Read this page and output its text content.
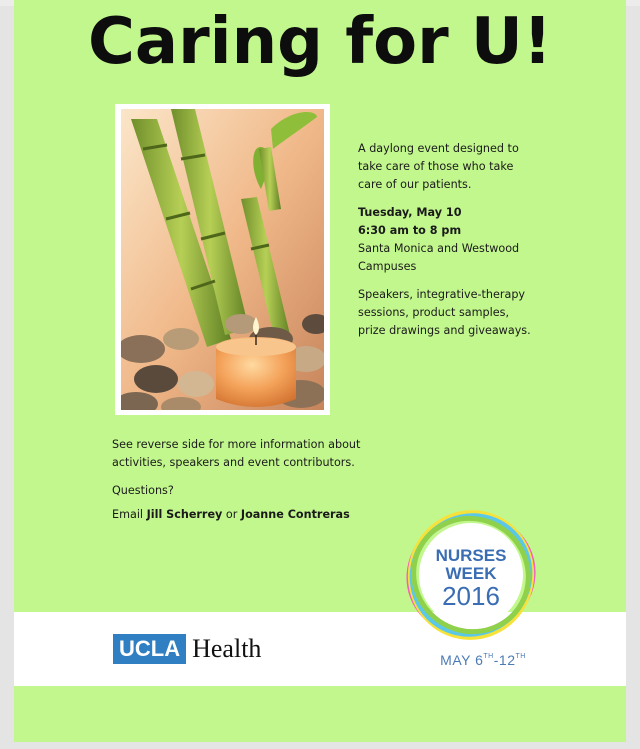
Caring for U!

A daylong event designed to

take care of those who take

care of our patients.

Tuesday, May 10

6:30 am to 8 pm

Santa Monica and Westwood

Campuses

Speakers, integrative-therapy

sessions, product samples,

prize drawings and giveaways.

See reverse side for more information about

activities, speakers and event contributors.

Questions?

Email Jill Scherrey or Joanne Contreras

UCLA Health
NURSES
WEEK
2016
MAY 6TH-12TH
